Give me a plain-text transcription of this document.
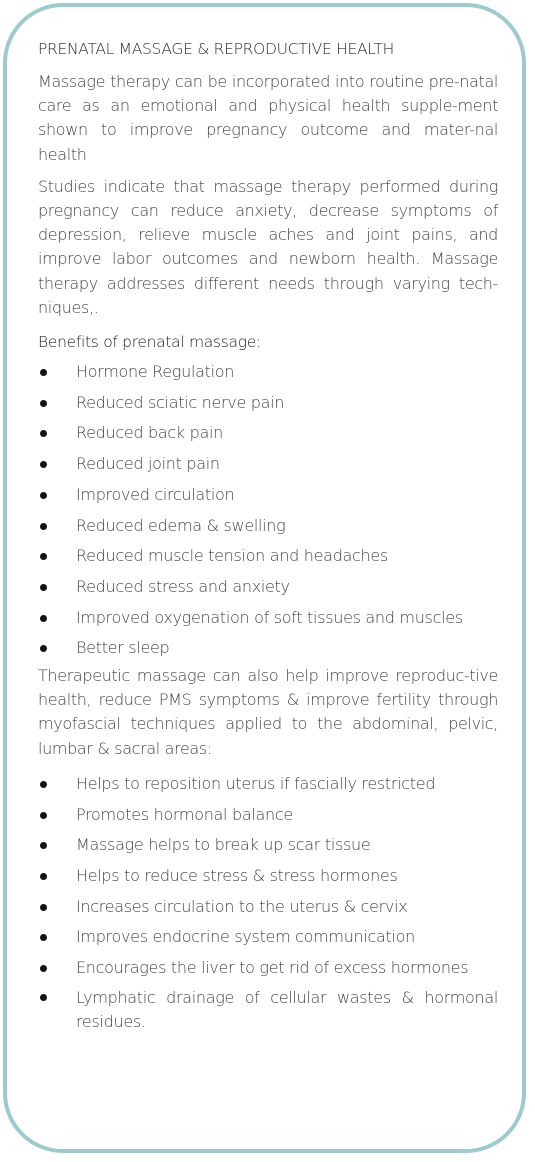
PRENATAL MASSAGE & REPRODUCTIVE HEALTH

Massage therapy can be incorporated into routine pre-natal care as an emotional and physical health supple-ment shown to improve pregnancy outcome and mater-nal health

Studies indicate that massage therapy performed during pregnancy can reduce anxiety, decrease symptoms of depression, relieve muscle aches and joint pains, and improve labor outcomes and newborn health. Massage therapy addresses different needs through varying tech-niques,.

Benefits of prenatal massage:
Hormone Regulation
Reduced sciatic nerve pain
Reduced back pain
Reduced joint pain
Improved circulation
Reduced edema & swelling
Reduced muscle tension and headaches
Reduced stress and anxiety
Improved oxygenation of soft tissues and muscles
Better sleep

Therapeutic massage can also help improve reproduc-tive health, reduce PMS symptoms & improve fertility through myofascial techniques applied to the abdominal, pelvic, lumbar & sacral areas:

Helps to reposition uterus if fascially restricted
Promotes hormonal balance
Massage helps to break up scar tissue
Helps to reduce stress & stress hormones
Increases circulation to the uterus & cervix
Improves endocrine system communication
Encourages the liver to get rid of excess hormones
Lymphatic drainage of cellular wastes & hormonal residues.
